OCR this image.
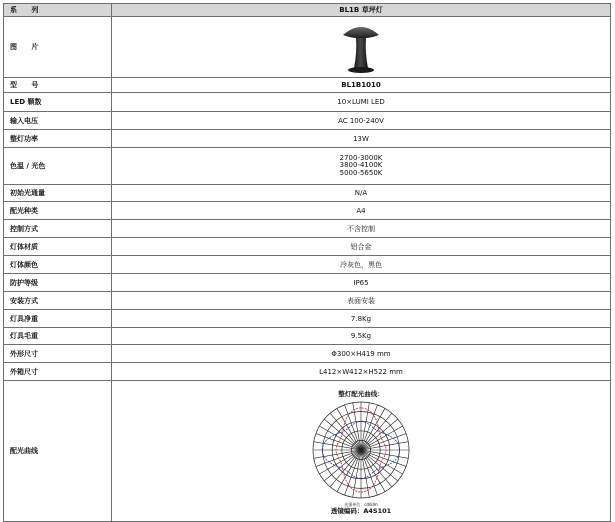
系 列	BL1B 草坪灯
图 片	

型 号	BL1B1010
LED 颗数	10×LUMI LED
输入电压	AC 100-240V
整灯功率	13W
色温 / 光色	2700-3000K
3800-4100K
5000-5650K

初始光通量	N/A
配光种类	A4
控制方式	不含控制
灯体材质	铝合金
灯体颜色	冷灰色，黑色
防护等级	IP65
安装方式	表面安装
灯具净重	7.8Kg
灯具毛重	9.5Kg
外形尺寸	Φ300×H419 mm
外箱尺寸	L412×W412×H522 mm
配光曲线	整灯配光曲线：
光强单位：cd/klm
透镜编码：A4S101
